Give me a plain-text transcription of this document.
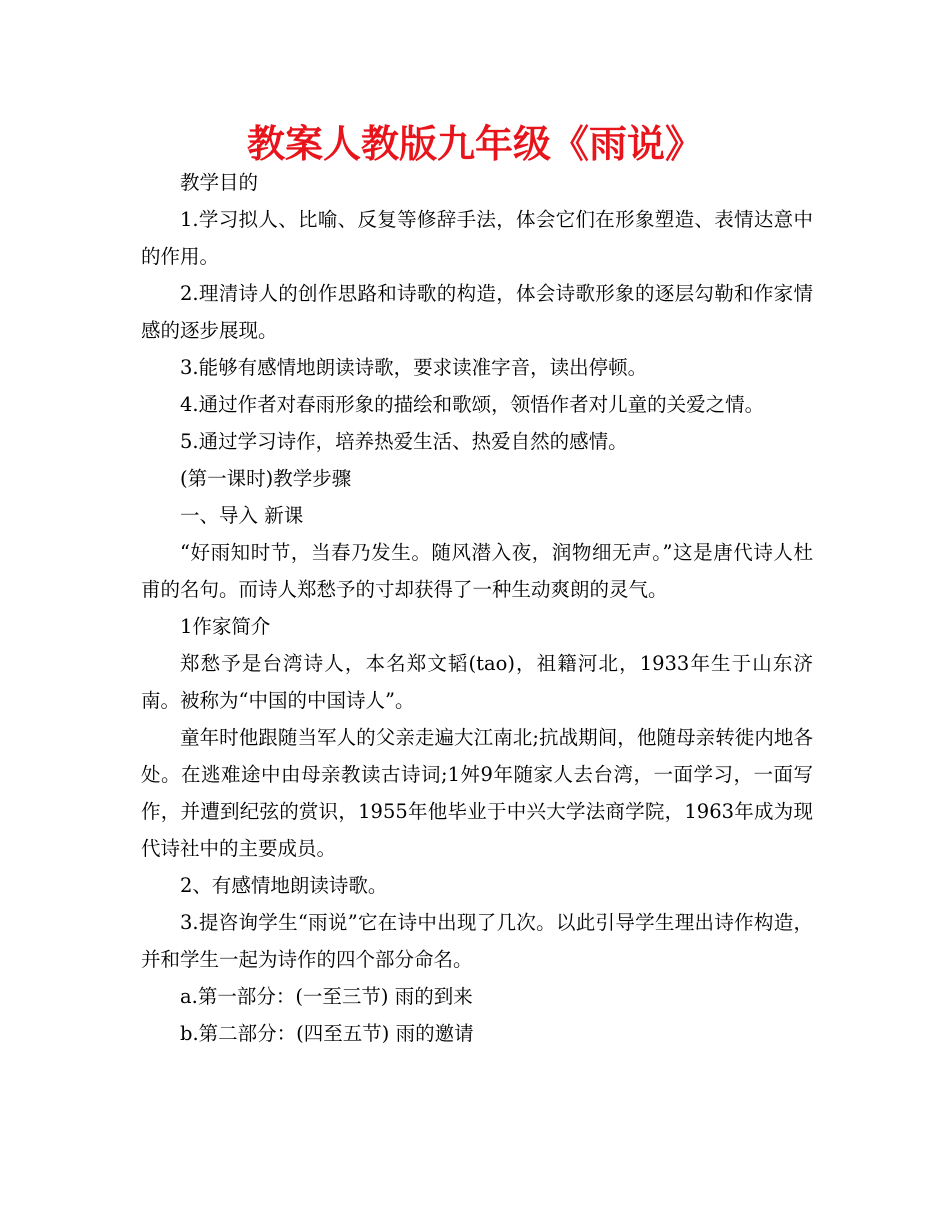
教案人教版九年级《雨说》

教学目的

1.学习拟人、比喻、反复等修辞手法，体会它们在形象塑造、表情达意中的作用。

2.理清诗人的创作思路和诗歌的构造，体会诗歌形象的逐层勾勒和作家情感的逐步展现。

3.能够有感情地朗读诗歌，要求读准字音，读出停顿。

4.通过作者对春雨形象的描绘和歌颂，领悟作者对儿童的关爱之情。

5.通过学习诗作，培养热爱生活、热爱自然的感情。

(第一课时)教学步骤

一、导入 新课

“好雨知时节，当春乃发生。随风潜入夜，润物细无声。”这是唐代诗人杜甫的名句。而诗人郑愁予的寸却获得了一种生动爽朗的灵气。

1作家简介

郑愁予是台湾诗人，本名郑文韬(tao)，祖籍河北，1933年生于山东济南。被称为“中国的中国诗人”。

童年时他跟随当军人的父亲走遍大江南北;抗战期间，他随母亲转徙内地各处。在逃难途中由母亲教读古诗词;1舛9年随家人去台湾，一面学习，一面写作，并遭到纪弦的赏识，1955年他毕业于中兴大学法商学院，1963年成为现代诗社中的主要成员。

2、有感情地朗读诗歌。

3.提咨询学生“雨说”它在诗中出现了几次。以此引导学生理出诗作构造，并和学生一起为诗作的四个部分命名。

a.第一部分：(一至三节) 雨的到来

b.第二部分：(四至五节) 雨的邀请
